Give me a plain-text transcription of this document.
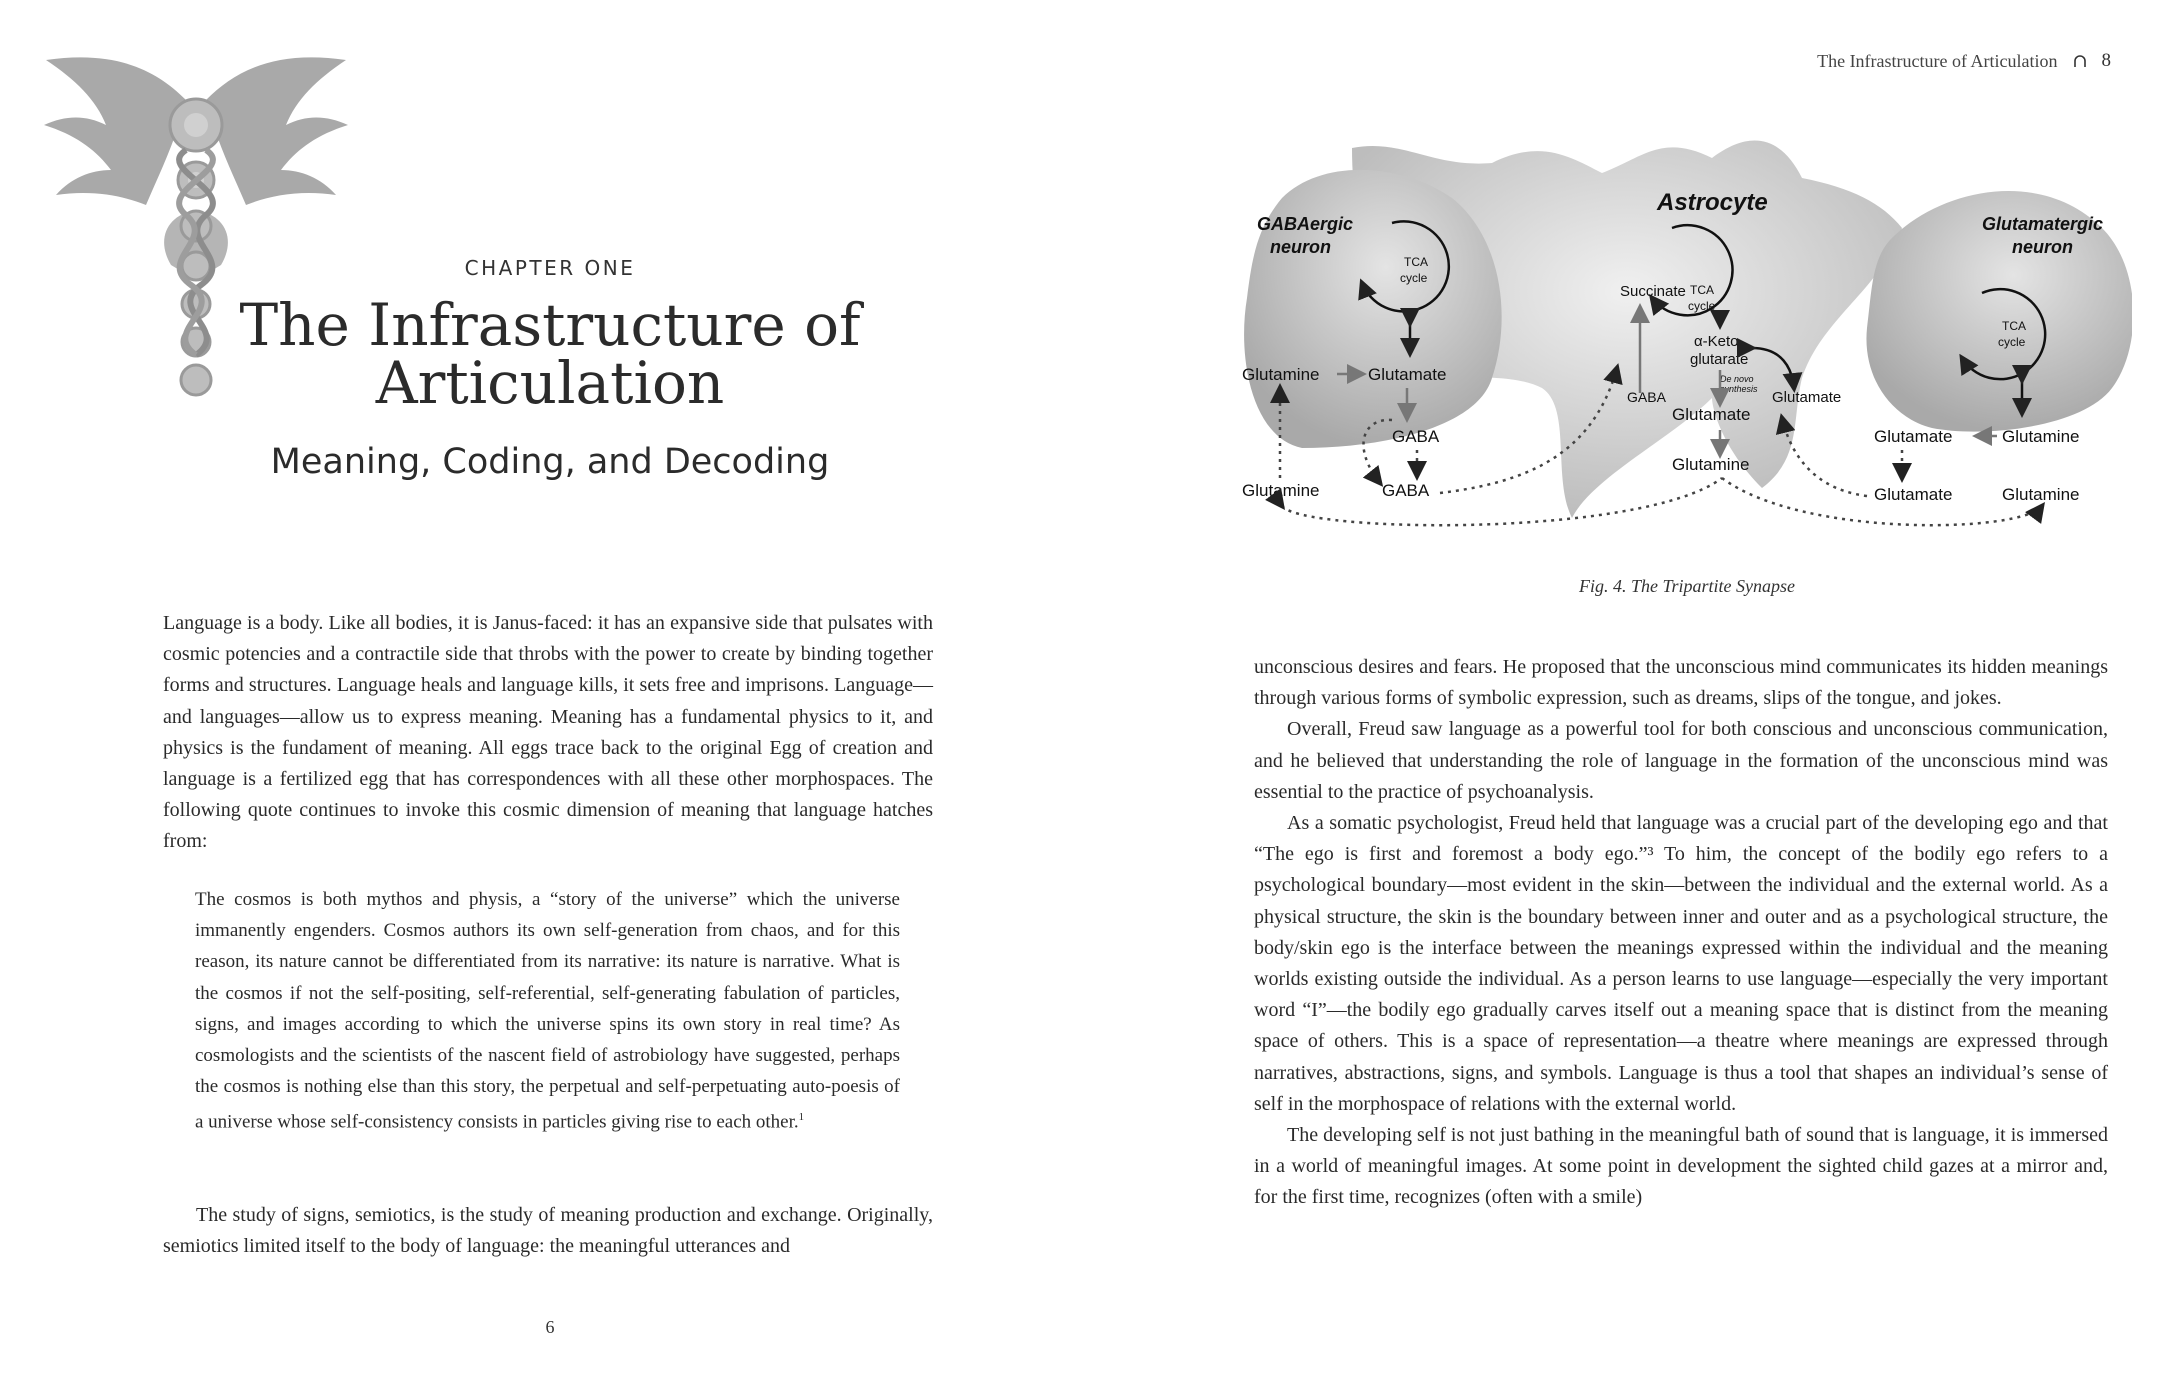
CHAPTER ONE
The Infrastructure of
Articulation
Meaning, Coding, and Decoding

Language is a body. Like all bodies, it is Janus-faced: it has an expansive side that pulsates with cosmic potencies and a contractile side that throbs with the power to create by binding together forms and structures. Language heals and language kills, it sets free and imprisons. Language—and languages—allow us to express meaning. Meaning has a fundamental physics to it, and physics is the fundament of meaning. All eggs trace back to the original Egg of creation and language is a fertilized egg that has correspondences with all these other morphospaces. The following quote continues to invoke this cosmic dimension of meaning that language hatches from:

The cosmos is both mythos and physis, a “story of the universe” which the universe immanently engenders. Cosmos authors its own self-generation from chaos, and for this reason, its nature cannot be differentiated from its narrative: its nature is narrative. What is the cosmos if not the self-positing, self-referential, self-generating fabulation of particles, signs, and images according to which the universe spins its own story in real time? As cosmologists and the scientists of the nascent field of astrobiology have suggested, perhaps the cosmos is nothing else than this story, the perpetual and self-perpetuating auto-poesis of a universe whose self-consistency consists in particles giving rise to each other.$^1$

The study of signs, semiotics, is the study of meaning production and exchange. Originally, semiotics limited itself to the body of language: the meaningful utterances and

6
The Infrastructure of Articulation 8
Astrocyte
GABAergic
neuron
Glutamatergic
neuron
TCA
cycle
TCA
cycle
TCA
cycle
Succinate
α-Keto
glutarate
De novo
synthesis
GABA	Glutamate
Glutamate
Glutamine
Glutamine	Glutamate
GABA
Glutamine	GABA
Glutamate	Glutamine
Glutamate	Glutamine
Fig. 4. The Tripartite Synapse

unconscious desires and fears. He proposed that the unconscious mind communicates its hidden meanings through various forms of symbolic expression, such as dreams, slips of the tongue, and jokes.

Overall, Freud saw language as a powerful tool for both conscious and unconscious communication, and he believed that understanding the role of language in the formation of the unconscious mind was essential to the practice of psychoanalysis.

As a somatic psychologist, Freud held that language was a crucial part of the developing ego and that “The ego is first and foremost a body ego.”³ To him, the concept of the bodily ego refers to a psychological boundary—most evident in the skin—between the individual and the external world. As a physical structure, the skin is the boundary between inner and outer and as a psychological structure, the body/skin ego is the interface between the meanings expressed within the individual and the meaning worlds existing outside the individual. As a person learns to use language—especially the very important word “I”—the bodily ego gradually carves itself out a meaning space that is distinct from the meaning space of others. This is a space of representation—a theatre where meanings are expressed through narratives, abstractions, signs, and symbols. Language is thus a tool that shapes an individual’s sense of self in the morphospace of relations with the external world.

The developing self is not just bathing in the meaningful bath of sound that is language, it is immersed in a world of meaningful images. At some point in development the sighted child gazes at a mirror and, for the first time, recognizes (often with a smile)
